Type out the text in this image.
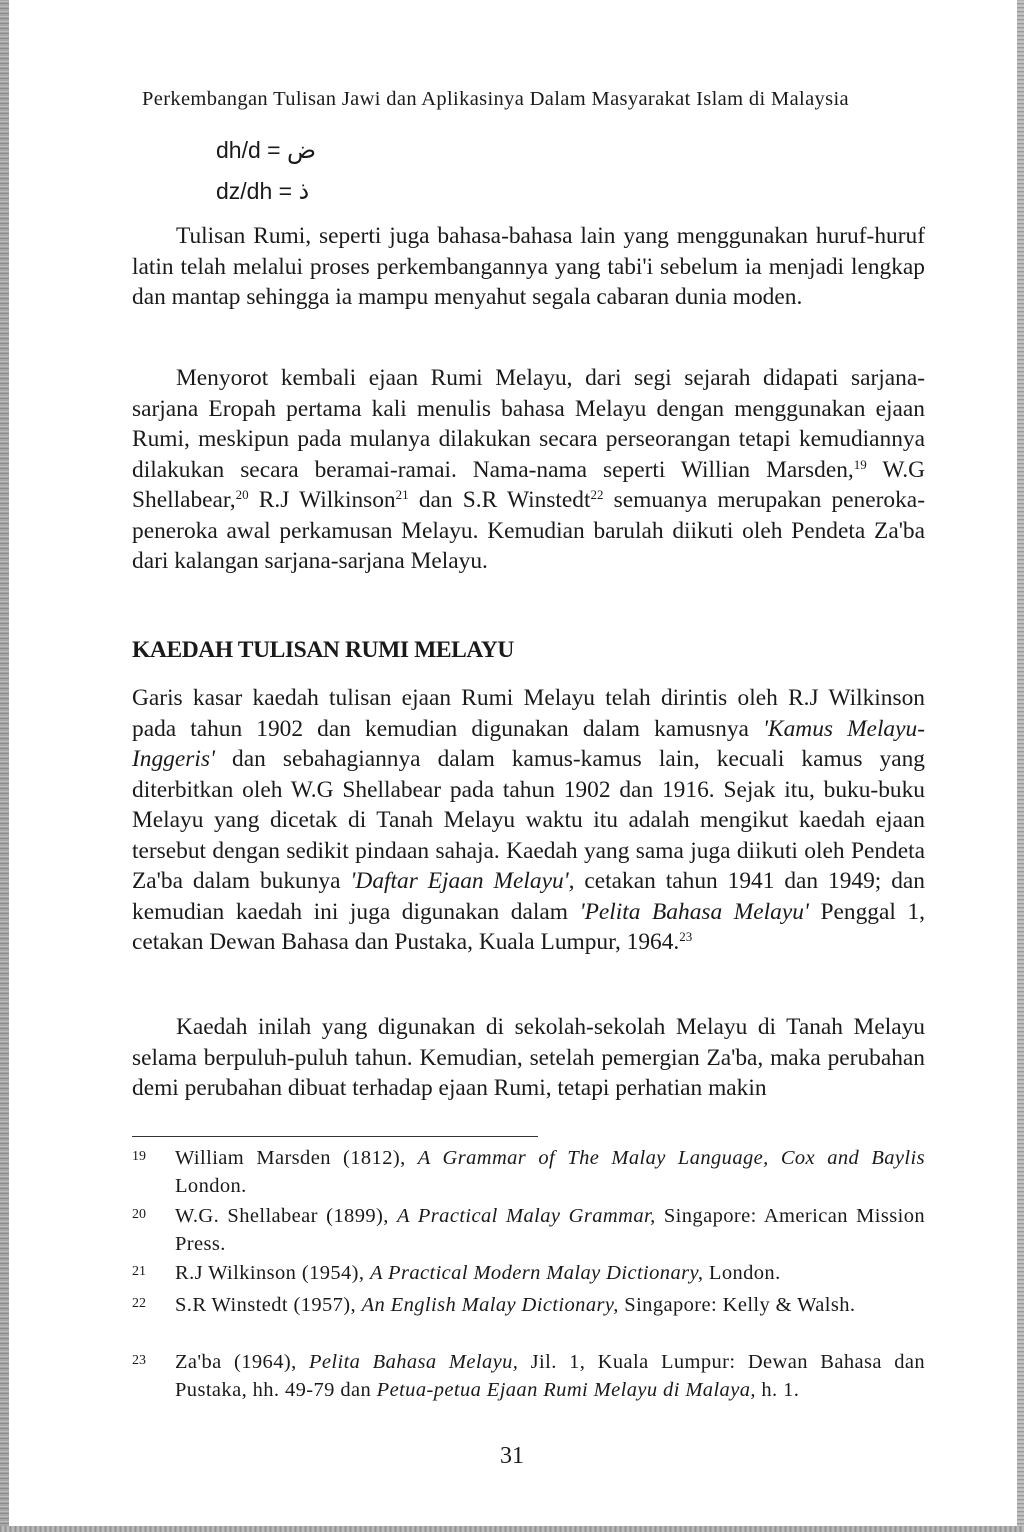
Perkembangan Tulisan Jawi dan Aplikasinya Dalam Masyarakat Islam di Malaysia
dh/d = ض
dz/dh = ذ

Tulisan Rumi, seperti juga bahasa-bahasa lain yang menggunakan huruf-huruf latin telah melalui proses perkembangannya yang tabi'i sebelum ia menjadi lengkap dan mantap sehingga ia mampu menyahut segala cabaran dunia moden.

Menyorot kembali ejaan Rumi Melayu, dari segi sejarah didapati sarjana-sarjana Eropah pertama kali menulis bahasa Melayu dengan menggunakan ejaan Rumi, meskipun pada mulanya dilakukan secara perseorangan tetapi kemudiannya dilakukan secara beramai-ramai. Nama-nama seperti Willian Marsden,$^{19}$ W.G Shellabear,$^{20}$ R.J Wilkinson$^{21}$ dan S.R Winstedt$^{22}$ semuanya merupakan peneroka-peneroka awal perkamusan Melayu. Kemudian barulah diikuti oleh Pendeta Za'ba dari kalangan sarjana-sarjana Melayu.

KAEDAH TULISAN RUMI MELAYU

Garis kasar kaedah tulisan ejaan Rumi Melayu telah dirintis oleh R.J Wilkinson pada tahun 1902 dan kemudian digunakan dalam kamusnya 'Kamus Melayu-Inggeris' dan sebahagiannya dalam kamus-kamus lain, kecuali kamus yang diterbitkan oleh W.G Shellabear pada tahun 1902 dan 1916. Sejak itu, buku-buku Melayu yang dicetak di Tanah Melayu waktu itu adalah mengikut kaedah ejaan tersebut dengan sedikit pindaan sahaja. Kaedah yang sama juga diikuti oleh Pendeta Za'ba dalam bukunya 'Daftar Ejaan Melayu', cetakan tahun 1941 dan 1949; dan kemudian kaedah ini juga digunakan dalam 'Pelita Bahasa Melayu' Penggal 1, cetakan Dewan Bahasa dan Pustaka, Kuala Lumpur, 1964.23

Kaedah inilah yang digunakan di sekolah-sekolah Melayu di Tanah Melayu selama berpuluh-puluh tahun. Kemudian, setelah pemergian Za'ba, maka perubahan demi perubahan dibuat terhadap ejaan Rumi, tetapi perhatian makin

19 William Marsden (1812), A Grammar of The Malay Language, Cox and Baylis London.
20 W.G. Shellabear (1899), A Practical Malay Grammar, Singapore: American Mission Press.
21 R.J Wilkinson (1954), A Practical Modern Malay Dictionary, London.
22 S.R Winstedt (1957), An English Malay Dictionary, Singapore: Kelly & Walsh.
23 Za'ba (1964), Pelita Bahasa Melayu, Jil. 1, Kuala Lumpur: Dewan Bahasa dan Pustaka, hh. 49-79 dan Petua-petua Ejaan Rumi Melayu di Malaya, h. 1.
31
